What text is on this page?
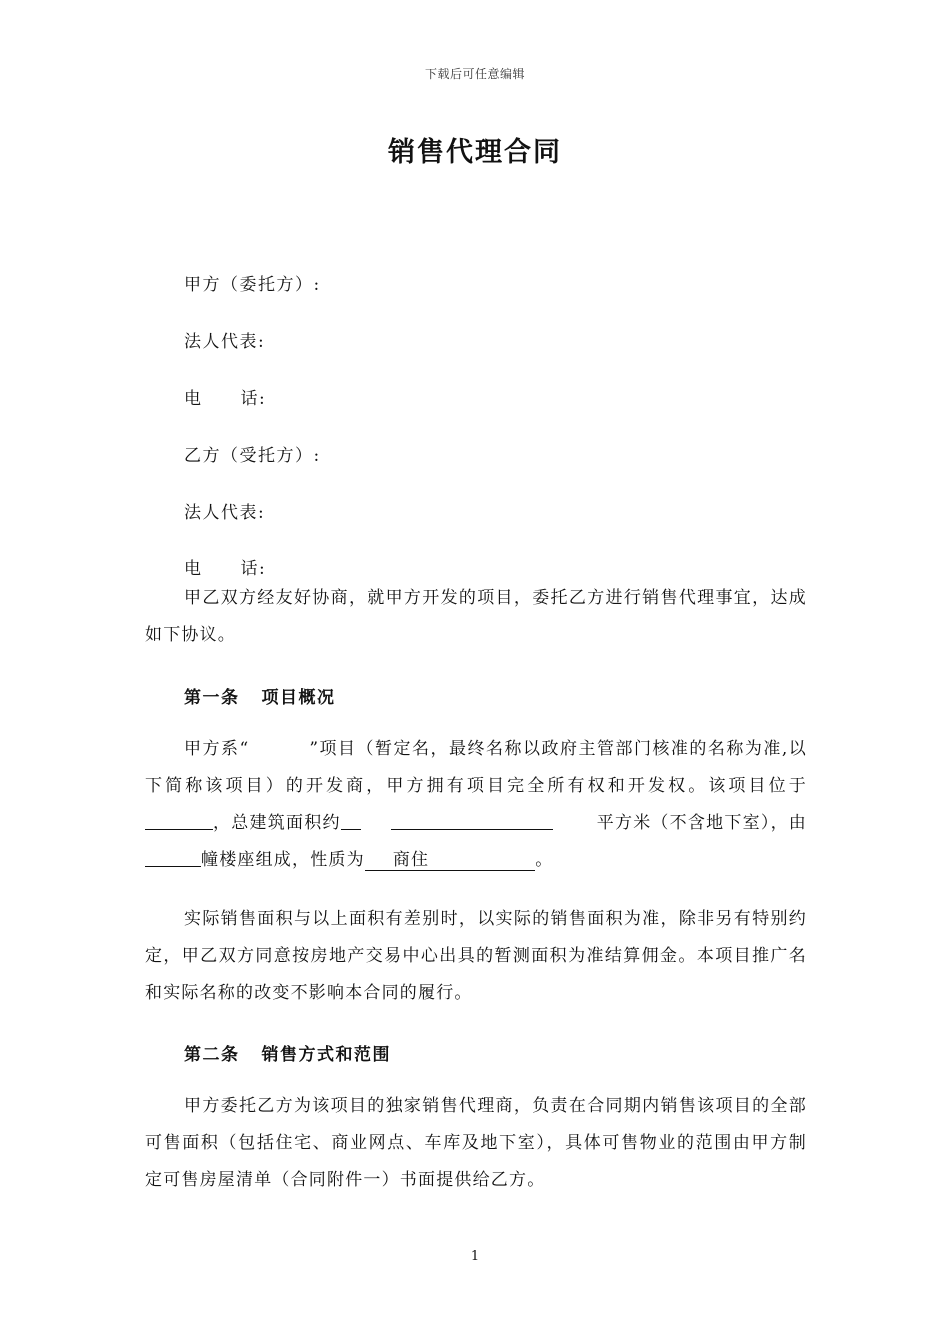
下载后可任意编辑
销售代理合同
甲方（委托方）:
法人代表:
电 话:
乙方（受托方）:
法人代表:
电 话:
甲乙双方经友好协商，就甲方开发的项目，委托乙方进行销售代理事宜，达成如下协议。
第一条 项目概况
甲方系“	”项目（暂定名，最终名称以政府主管部门核准的名称为准,以下简称该项目）的开发商，甲方拥有项目完全所有权和开发权。该项目位于，总建筑面积约	平方米（不含地下室），由幢楼座组成，性质为 商住	。
实际销售面积与以上面积有差别时，以实际的销售面积为准，除非另有特别约定，甲乙双方同意按房地产交易中心出具的暂测面积为准结算佣金。本项目推广名和实际名称的改变不影响本合同的履行。
第二条 销售方式和范围
甲方委托乙方为该项目的独家销售代理商，负责在合同期内销售该项目的全部可售面积（包括住宅、商业网点、车库及地下室），具体可售物业的范围由甲方制定可售房屋清单（合同附件一）书面提供给乙方。
1
